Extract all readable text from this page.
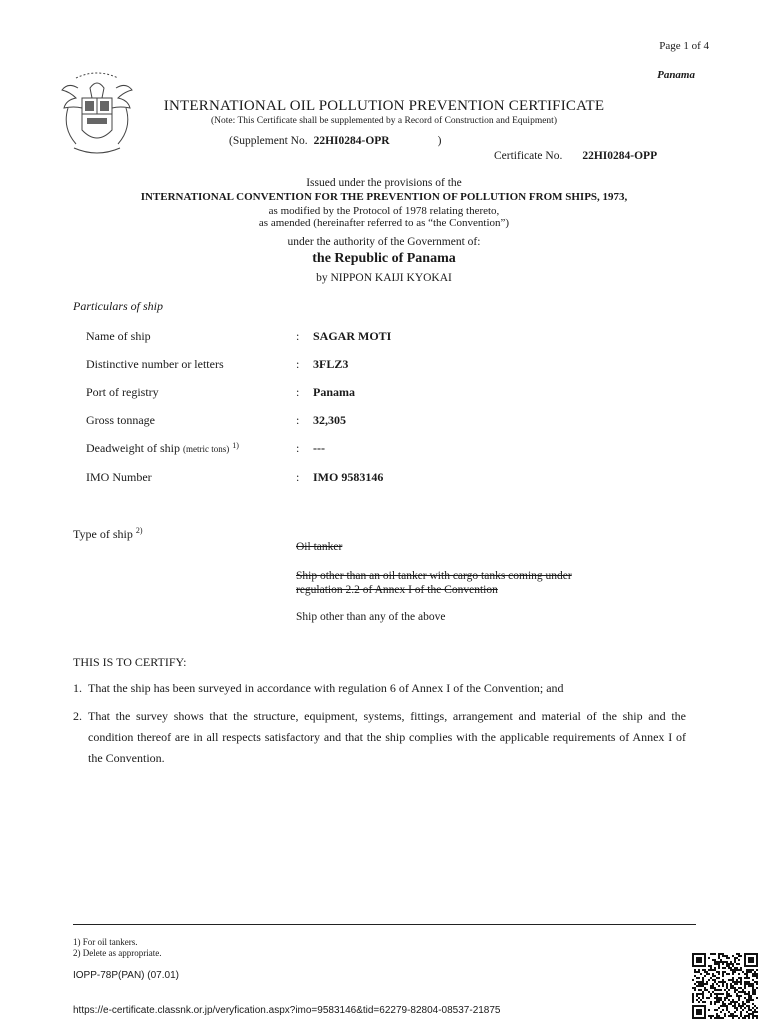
Page 1 of 4
Panama
INTERNATIONAL OIL POLLUTION PREVENTION CERTIFICATE
(Note: This Certificate shall be supplemented by a Record of Construction and Equipment)
(Supplement No. 22HI0284-OPR	)
Certificate No. 22HI0284-OPP
Issued under the provisions of the
INTERNATIONAL CONVENTION FOR THE PREVENTION OF POLLUTION FROM SHIPS, 1973,
as modified by the Protocol of 1978 relating thereto,
as amended (hereinafter referred to as “the Convention”)
under the authority of the Government of:
the Republic of Panama
by NIPPON KAIJI KYOKAI
Particulars of ship
Name of ship	: SAGAR MOTI
Distinctive number or letters	: 3FLZ3
Port of registry	: Panama
Gross tonnage	: 32,305
Deadweight of ship (metric tons) $^{1)}$	: ---
IMO Number	: IMO 9583146
Type of ship $^{2)}$
Oil tanker
Ship other than an oil tanker with cargo tanks coming under regulation 2.2 of Annex I of the Convention
Ship other than any of the above
THIS IS TO CERTIFY:
1. That the ship has been surveyed in accordance with regulation 6 of Annex I of the Convention; and
2. That the survey shows that the structure, equipment, systems, fittings, arrangement and material of the ship and the condition thereof are in all respects satisfactory and that the ship complies with the applicable requirements of Annex I of the Convention.
1) For oil tankers.
2) Delete as appropriate.
IOPP-78P(PAN) (07.01)
https://e-certificate.classnk.or.jp/veryfication.aspx?imo=9583146&tid=62279-82804-08537-21875
